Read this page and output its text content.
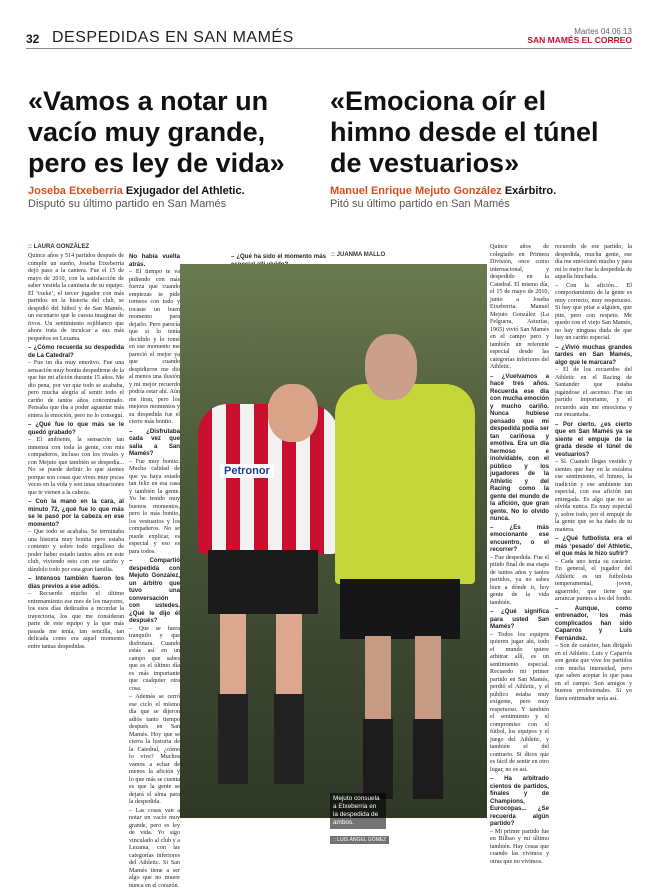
32 DESPEDIDAS EN SAN MAMÉS	Martes 04.06.13
SAN MAMÉS EL CORREO
«Vamos a notar un vacío muy grande, pero es ley de vida»
«Emociona oír el himno desde el túnel de vestuarios»
Joseba Etxeberria Exjugador del Athletic.
Disputó su último partido en San Mamés
Manuel Enrique Mejuto González Exárbitro.
Pitó su último partido en San Mamés
:: LAURA GONZÁLEZ

Quince años y 514 partidos después de cumplir un sueño, Joseba Etxeberria dejó paso a la cantera. Fue el 15 de mayo de 2010, con la satisfacción de saber vestida la camiseta de su equipo. El ‘txeke’, el tercer jugador con más partidos en la historia del club, se despidió del fútbol y de San Mamés, un escenario que le cuesta imaginar de rivos. Un sentimiento rojiblanco que ahora trata de inculcar a sus más pequeños en Lezama.

– ¿Cómo recuerda su despedida de La Catedral?

– Fue un día muy emotivo. Fue una sensación muy bonita despedirme de la que fue mi afición durante 15 años. Me dio pena, por ver que todo se acababa, pero mucha alegría al sentir todo el cariño de tantos años concentrado. Pensaba que iba a poder aguantar más entera la emoción, pero no lo conseguí.

– ¿Qué fue lo que más se le quedó grabado?

– El ambiente, la sensación tan inmensa con toda la gente, con mis compañeros, incluso con los rivales y con Mejuto que también se despedía... No se puede definir lo que sientes porque son cosas que vives muy pocas veces en la vida y son unas situaciones que te vienen a la cabeza.

– Con la mano en la cara, al minuto 72, ¿qué fue lo que más se le pasó por la cabeza en ese momento?

– Que todo se acababa. Se terminaba una historia muy bonita pero estaba contento y sobre todo orgulloso de poder haber estado tantos años en este club, viviendo esto con ese cariño y dándolo todo por esta gran familia.

– Intensos también fueron los días previos a ese adiós.

– Recuerdo mucho el último entrenamiento ese mes de los mayores, los esos días dedicados a recordar la trayectoria, los que me consideran parte de este equipo y la que más pasada me tenía, tan sencilla, tan delicada como era aquel momento entre tantas despedidas.

No había vuelta atrás.

– El tiempo te va pidiendo con más fuerza que cuando empiezas te pide torneos con todo y tocaste un buen momento para dejarlo. Pero parecía que si lo tenía decidido y lo tomé en ese momento me pareció el mejor ya que cuando despidieron me dio al menos una ilusión y mi mejor recuerdo podría estar ahí. Aún me tiran, pero los mejores momentos y su despedida fue el cierre más bonito.

– ¿Disfrutaba cada vez que salía a San Mamés?

– Fue muy bonito. Mucha calidad de que ya haya estado tan feliz en esa casa y también la gente. Yo he tenido muy buenos momentos, pero lo más bonito, los vestuarios y los compañeros. No se puede explicar, es especial y eso es para todos.

– Compartió despedida con Mejuto González, un árbitro que tuvo una conversación con ustedes. ¿Qué le dijo él después?

– Que se fuera tranquilo y que disfrutara. Cuando estás así en un campo que sabes que es el último día es más importante que cualquier otra cosa.

– Además se cerró ese ciclo el mismo día que se dijeron adiós tanto tiempo después en San Mamés. Hoy que se cierra la historia de la Catedral, ¿cómo lo vive? Muchos vamos a echar de menos la afición y lo que más se cuenta es que la gente se dejará el alma para la despedida.

– Las cosas van a notar un vacío muy grande, pero es ley de vida. Yo sigo vinculado al club y a Lezama, con las categorías inferiores del Athletic. Si San Mamés tiene a ser algo que no muere nunca en el corazón.

– ¿Qué ha sido el momento más

::	JUANMA MALLO

Quince años de colegiado en Primera División, once como internacional, y despedido en la Catedral. El mismo día, el 15 de mayo de 2010, junto a Joseba Etxeberria. Manuel Mejuto González (La Felguera, Asturias, 1965) vivió San Mamés en el campo pero y también un referente especial desde las categorías inferiores del Athletic.

– ¿Vuelvamos a hace tres años. Recuerda ese día con mucha emoción y mucho cariño. Nunca hubiese pensado que mi despedida podía ser tan cariñosa y emotiva. Era un día hermoso e inolvidable, con el público y los jugadores de la Athletic y del Racing como la gente del mundo de la afición, que gran gente. No lo olvido nunca.

– ¿Es más emocionante ese encuentro, o el recorrer?

– Fue despedida. Fue el pitido final de esa etapa de tantos años y tantos partidos, ya no sabes bien a dónde ir, hoy gente de la vida también.

– ¿Qué significa para usted San Mamés?

– Todos los equipos quieren jugar ahí, todo el mundo quiere arbitrar allí, es un sentimiento especial. Recuerdo mi primer partido en San Mamés, perdió el Athletic, y el público estaba muy exigente, pero muy respetuoso. Y también el sentimiento y el compromiso con el fútbol, los equipos y el juego del Athletic, y también el del contrario. Si dices que es fácil de sentir en otro lugar, no es así.

– Ha arbitrado cientos de partidos, finales y de Champions, Eurocopas... ¿Se recuerda algún partido?

– Mi primer partido fue en Bilbao y mi último también. Hay cosas que cuando las vivimos y otras que no vivimos.

recuerdo de ese partido, la despedida, mucha gente, ese día me emocionó mucho y para mí lo mejor fue la despedida de aquella hinchada.

– Con la afición... El comportamiento de la gente es muy correcto, muy respetuoso. Si hay que pitar a alguien, que pite, pero con respeto. Me quedo con el viejo San Mamés, no hay ninguna duda de que hay un cariño especial.

– ¿Vivió muchas grandes tardes en San Mamés, algo que le marcara?

– El de los recuerdos del Athletic en el Racing de Santander que estaba jugándose el ascenso. Fue un partido importante, y el recuerdo aún me emociona y me encantaba.

– Por cierto, ¿es cierto que en San Mamés ya se siente el empuje de la grada desde el túnel de vestuarios?

– Sí. Cuando llegas vestido y sientes que hay en la escalera ese sentimiento, el himno, la tradición y ese ambiente tan especial, con esa afición tan entregada. Es algo que no se olvida nunca. Es muy especial y, sobre todo, por el empuje de la gente que se ha dado de tu manera.

– ¿Qué futbolista era el más ‘pesado’ del Athletic, el que más le hizo sufrir?

– Cada uno tenía su carácter. En general, el jugador del Athletic es un futbolista temperamental, joven, aguerrido, que tiene que arrancar puntos a los del fondo.

– Aunque, como entrenador, los más complicados han sido Caparrós y Luis Fernández.

– Son de carácter, han dirigido en el Athletic. Luis y Caparrós son gente que vive los partidos con mucha intensidad, pero que saben aceptar lo que pasa en el campo. Son amigos y buenos profesionales. Si yo fuera entrenador sería así.

Petronor
Mejuto consuela a Etxeberria en la despedida de ambos.
:: LUIS ÁNGEL GÓMEZ
